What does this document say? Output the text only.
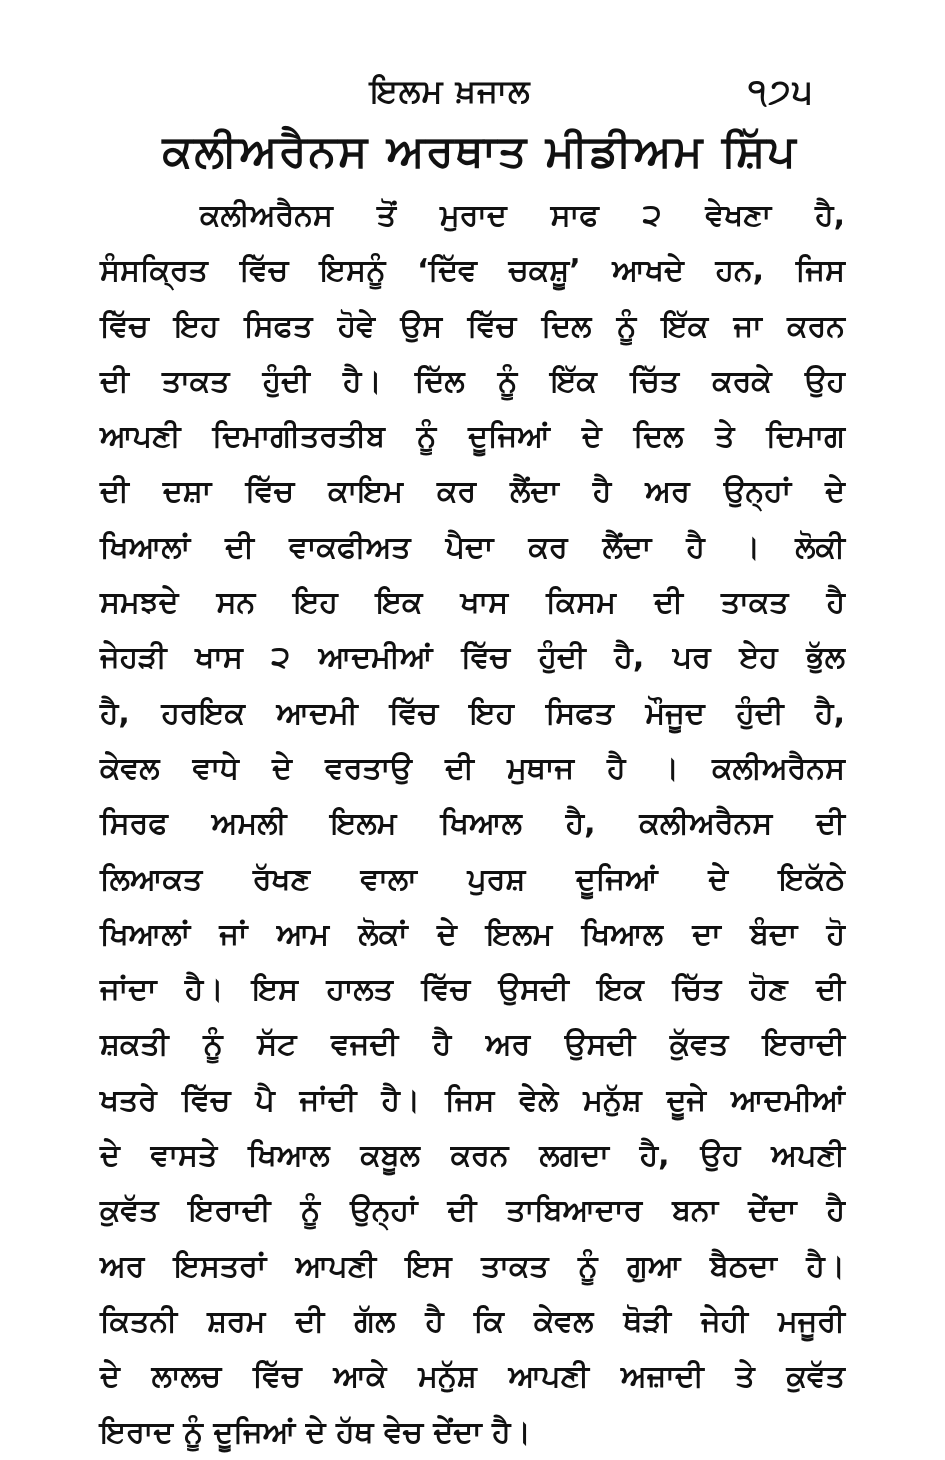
ਇਲਮ ਖ਼ਜਾਲ	੧੭੫
ਕਲੀਅਰੈਨਸ ਅਰਥਾਤ ਮੀਡੀਅਮ ਸ਼ਿੱਪ
ਕਲੀਅਰੈਨਸ ਤੋਂ ਮੁਰਾਦ ਸਾਫ ੨ ਵੇਖਣਾ ਹੈ,
ਸੰਸਕ੍ਰਿਤ ਵਿੱਚ ਇਸਨੂੰ ‘ਦਿੱਵ ਚਕਸ਼ੂ’ ਆਖਦੇ ਹਨ, ਜਿਸ
ਵਿੱਚ ਇਹ ਸਿਫਤ ਹੋਵੇ ਉਸ ਵਿੱਚ ਦਿਲ ਨੂੰ ਇੱਕ ਜਾ ਕਰਨ
ਦੀ ਤਾਕਤ ਹੁੰਦੀ ਹੈ। ਦਿੱਲ ਨੂੰ ਇੱਕ ਚਿੱਤ ਕਰਕੇ ਉਹ
ਆਪਣੀ ਦਿਮਾਗੀਤਰਤੀਬ ਨੂੰ ਦੂਜਿਆਂ ਦੇ ਦਿਲ ਤੇ ਦਿਮਾਗ
ਦੀ ਦਸ਼ਾ ਵਿੱਚ ਕਾਇਮ ਕਰ ਲੈਂਦਾ ਹੈ ਅਰ ਉਨ੍ਹਾਂ ਦੇ
ਖਿਆਲਾਂ ਦੀ ਵਾਕਫੀਅਤ ਪੈਦਾ ਕਰ ਲੈਂਦਾ ਹੈ । ਲੋਕੀ
ਸਮਝਦੇ ਸਨ ਇਹ ਇਕ ਖਾਸ ਕਿਸਮ ਦੀ ਤਾਕਤ ਹੈ
ਜੇਹੜੀ ਖਾਸ ੨ ਆਦਮੀਆਂ ਵਿੱਚ ਹੁੰਦੀ ਹੈ, ਪਰ ਏਹ ਭੁੱਲ
ਹੈ, ਹਰਇਕ ਆਦਮੀ ਵਿੱਚ ਇਹ ਸਿਫਤ ਮੌਜੂਦ ਹੁੰਦੀ ਹੈ,
ਕੇਵਲ ਵਾਧੇ ਦੇ ਵਰਤਾਉ ਦੀ ਮੁਥਾਜ ਹੈ । ਕਲੀਅਰੈਨਸ
ਸਿਰਫ ਅਮਲੀ ਇਲਮ ਖਿਆਲ ਹੈ, ਕਲੀਅਰੈਨਸ ਦੀ
ਲਿਆਕਤ ਰੱਖਣ ਵਾਲਾ ਪੁਰਸ਼ ਦੂਜਿਆਂ ਦੇ ਇਕੱਠੇ
ਖਿਆਲਾਂ ਜਾਂ ਆਮ ਲੋਕਾਂ ਦੇ ਇਲਮ ਖਿਆਲ ਦਾ ਬੰਦਾ ਹੋ
ਜਾਂਦਾ ਹੈ। ਇਸ ਹਾਲਤ ਵਿੱਚ ਉਸਦੀ ਇਕ ਚਿੱਤ ਹੋਣ ਦੀ
ਸ਼ਕਤੀ ਨੂੰ ਸੱਟ ਵਜਦੀ ਹੈ ਅਰ ਉਸਦੀ ਕੁੱਵਤ ਇਰਾਦੀ
ਖਤਰੇ ਵਿੱਚ ਪੈ ਜਾਂਦੀ ਹੈ। ਜਿਸ ਵੇਲੇ ਮਨੁੱਸ਼ ਦੂਜੇ ਆਦਮੀਆਂ
ਦੇ ਵਾਸਤੇ ਖਿਆਲ ਕਬੂਲ ਕਰਨ ਲਗਦਾ ਹੈ, ਉਹ ਅਪਣੀ
ਕੁਵੱਤ ਇਰਾਦੀ ਨੂੰ ਉਨ੍ਹਾਂ ਦੀ ਤਾਬਿਆਦਾਰ ਬਨਾ ਦੇਂਦਾ ਹੈ
ਅਰ ਇਸਤਰਾਂ ਆਪਣੀ ਇਸ ਤਾਕਤ ਨੂੰ ਗੁਆ ਬੈਠਦਾ ਹੈ।
ਕਿਤਨੀ ਸ਼ਰਮ ਦੀ ਗੱਲ ਹੈ ਕਿ ਕੇਵਲ ਥੋੜੀ ਜੇਹੀ ਮਜੂਰੀ
ਦੇ ਲਾਲਚ ਵਿੱਚ ਆਕੇ ਮਨੁੱਸ਼ ਆਪਣੀ ਅਜ਼ਾਦੀ ਤੇ ਕੁਵੱਤ
ਇਰਾਦ ਨੂੰ ਦੂਜਿਆਂ ਦੇ ਹੱਥ ਵੇਚ ਦੇਂਦਾ ਹੈ।
